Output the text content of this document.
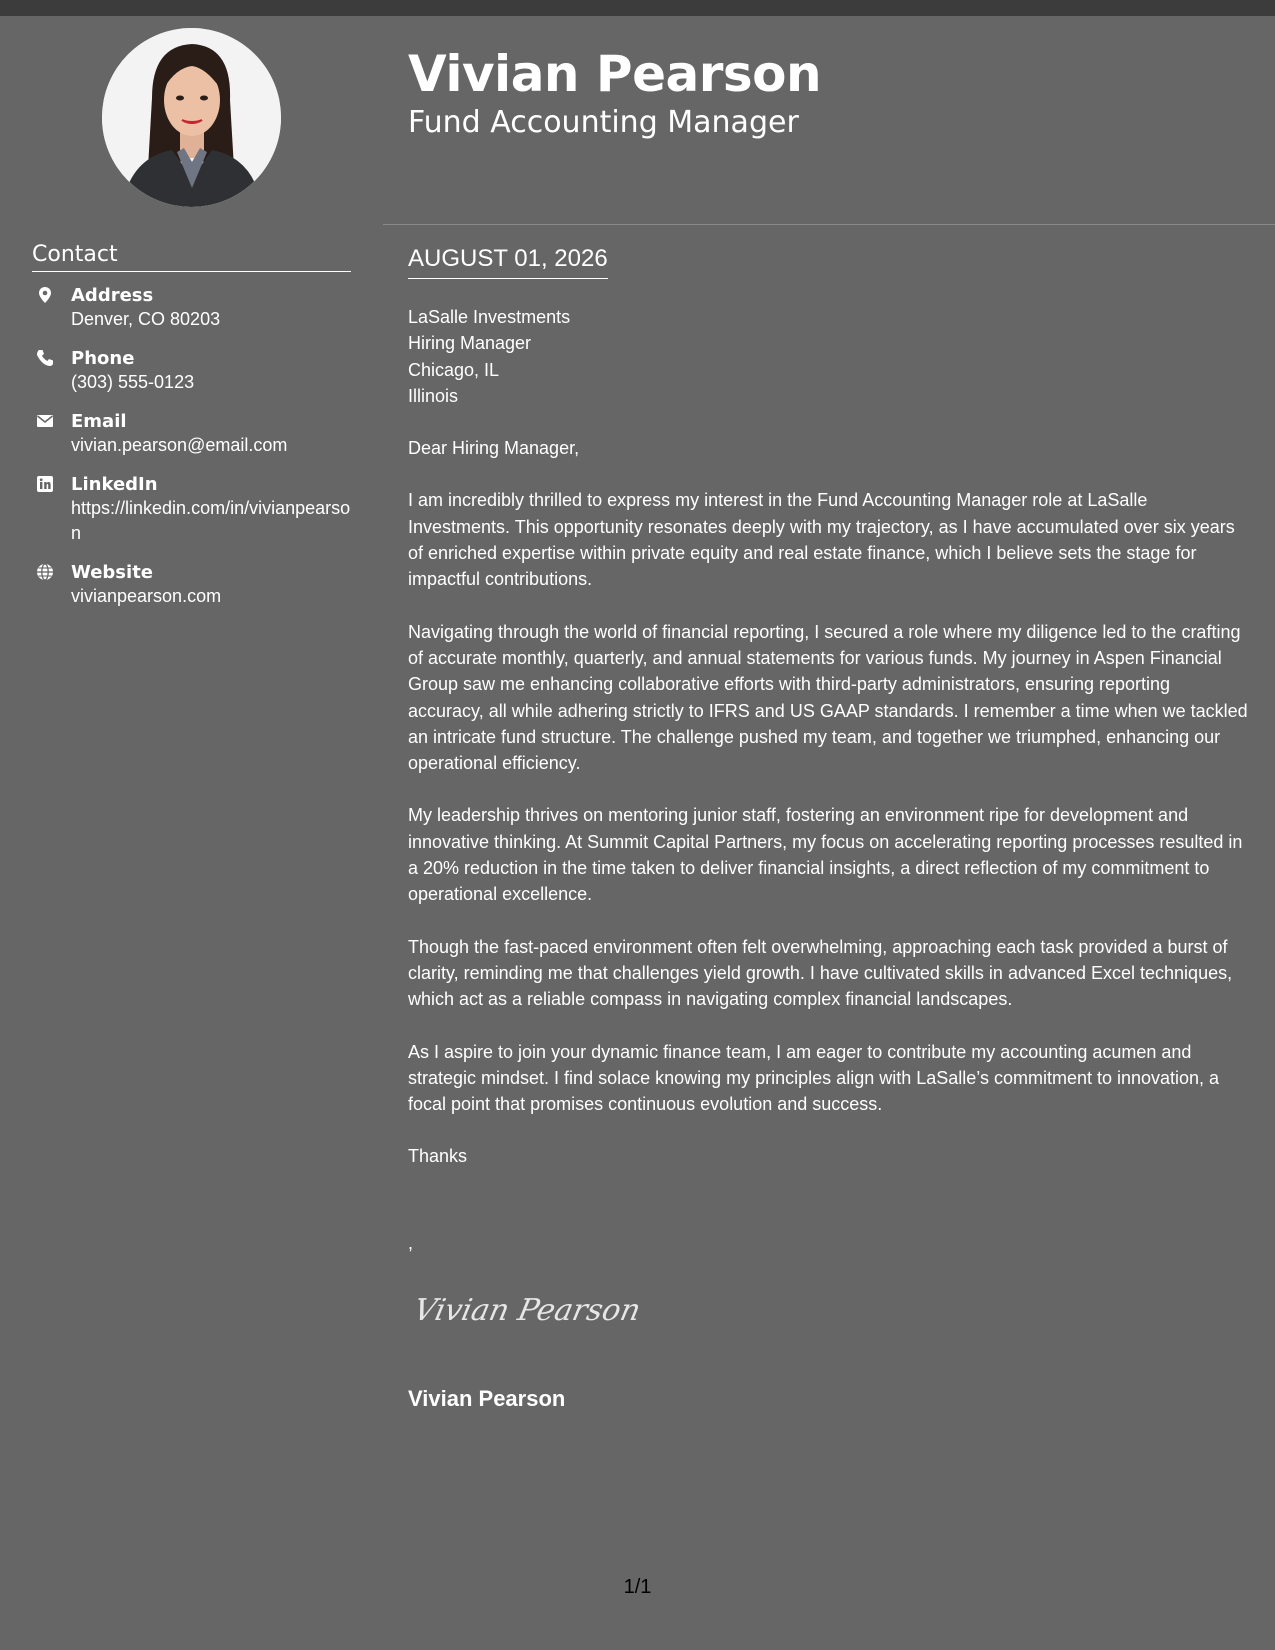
Contact
Address
Denver, CO 80203
Phone
(303) 555-0123
Email
vivian.pearson@email.com
LinkedIn
https://linkedin.com/in/vivianpearson
Website
vivianpearson.com
Vivian Pearson
Fund Accounting Manager
AUGUST 01, 2026
LaSalle Investments
Hiring Manager
Chicago, IL
Illinois
Dear Hiring Manager,
I am incredibly thrilled to express my interest in the Fund Accounting Manager role at LaSalle Investments. This opportunity resonates deeply with my trajectory, as I have accumulated over six years of enriched expertise within private equity and real estate finance, which I believe sets the stage for impactful contributions.
Navigating through the world of financial reporting, I secured a role where my diligence led to the crafting of accurate monthly, quarterly, and annual statements for various funds. My journey in Aspen Financial Group saw me enhancing collaborative efforts with third-party administrators, ensuring reporting accuracy, all while adhering strictly to IFRS and US GAAP standards. I remember a time when we tackled an intricate fund structure. The challenge pushed my team, and together we triumphed, enhancing our operational efficiency.
My leadership thrives on mentoring junior staff, fostering an environment ripe for development and innovative thinking. At Summit Capital Partners, my focus on accelerating reporting processes resulted in a 20% reduction in the time taken to deliver financial insights, a direct reflection of my commitment to operational excellence.
Though the fast-paced environment often felt overwhelming, approaching each task provided a burst of clarity, reminding me that challenges yield growth. I have cultivated skills in advanced Excel techniques, which act as a reliable compass in navigating complex financial landscapes.
As I aspire to join your dynamic finance team, I am eager to contribute my accounting acumen and strategic mindset. I find solace knowing my principles align with LaSalle’s commitment to innovation, a focal point that promises continuous evolution and success.
Thanks
,
Vivian Pearson
Vivian Pearson
1/1
